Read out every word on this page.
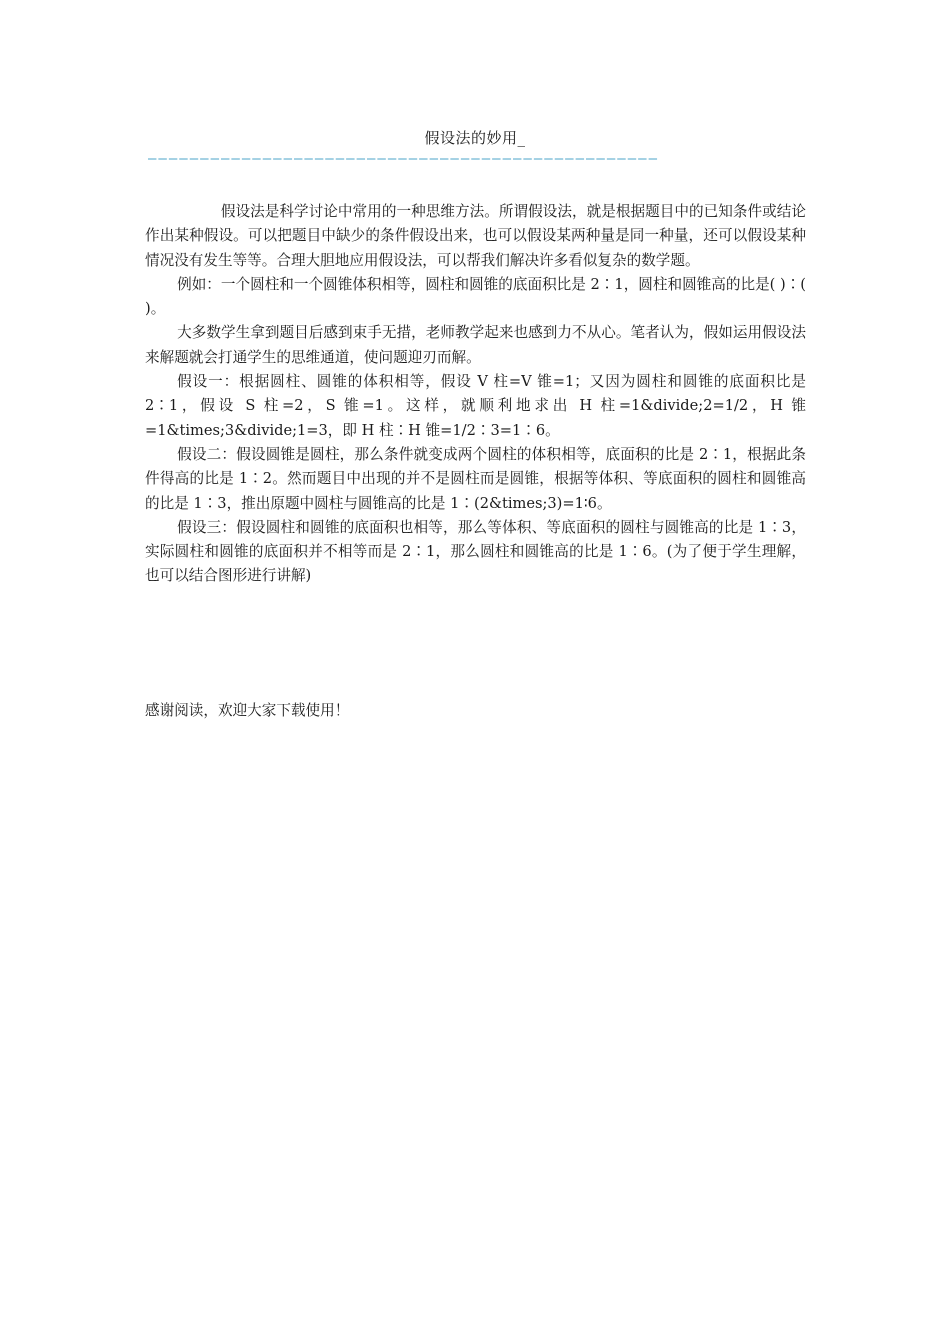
假设法的妙用_
—————————————————————————————————————————————————

假设法是科学讨论中常用的一种思维方法。所谓假设法，就是根据题目中的已知条件或结论作出某种假设。可以把题目中缺少的条件假设出来，也可以假设某两种量是同一种量，还可以假设某种情况没有发生等等。合理大胆地应用假设法，可以帮我们解决许多看似复杂的数学题。

例如：一个圆柱和一个圆锥体积相等，圆柱和圆锥的底面积比是 2∶1，圆柱和圆锥高的比是( )∶( )。

大多数学生拿到题目后感到束手无措，老师教学起来也感到力不从心。笔者认为，假如运用假设法来解题就会打通学生的思维通道，使问题迎刃而解。

假设一：根据圆柱、圆锥的体积相等，假设 V 柱=V 锥=1；又因为圆柱和圆锥的底面积比是 2∶1，假设 S 柱=2，S 锥=1。这样，就顺利地求出 H 柱=1&divide;2=1/2，H 锥=1&times;3&divide;1=3，即 H 柱∶H 锥=1/2∶3=1∶6。

假设二：假设圆锥是圆柱，那么条件就变成两个圆柱的体积相等，底面积的比是 2∶1，根据此条件得高的比是 1∶2。然而题目中出现的并不是圆柱而是圆锥，根据等体积、等底面积的圆柱和圆锥高的比是 1∶3，推出原题中圆柱与圆锥高的比是 1∶(2&times;3)=1∶6。

假设三：假设圆柱和圆锥的底面积也相等，那么等体积、等底面积的圆柱与圆锥高的比是 1∶3，实际圆柱和圆锥的底面积并不相等而是 2∶1，那么圆柱和圆锥高的比是 1∶6。(为了便于学生理解，也可以结合图形进行讲解)

感谢阅读，欢迎大家下载使用！
